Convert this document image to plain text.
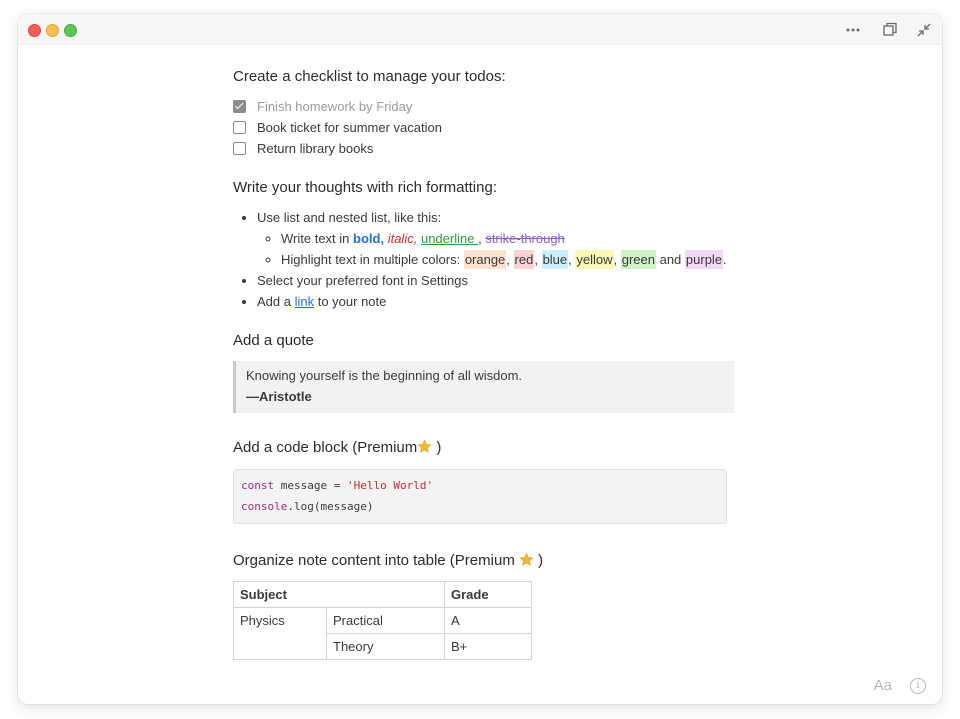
Create a checklist to manage your todos:
Finish homework by Friday
Book ticket for summer vacation
Return library books
Write your thoughts with rich formatting:
• Use list and nested list, like this:
◦ Write text in bold, italic, underline , strike-through
◦ Highlight text in multiple colors: orange, red, blue, yellow, green and purple.
• Select your preferred font in Settings
• Add a link to your note
Add a quote
Knowing yourself is the beginning of all wisdom.
—Aristotle
Add a code block (Premium )
const message = 'Hello World'
console.log(message)
Organize note content into table (Premium  )
Subject		Grade
Physics	Practical	A
	Theory	B+
Aa	i
